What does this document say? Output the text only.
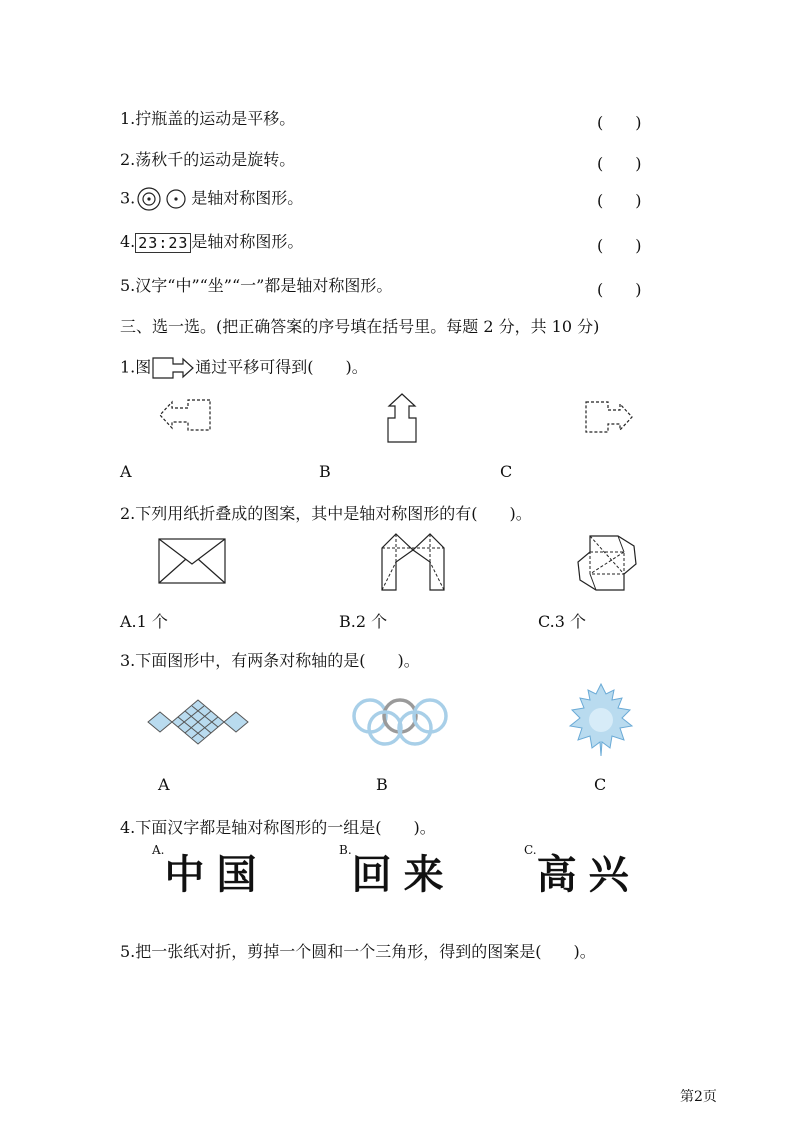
1.拧瓶盖的运动是平移。	(　　)
2.荡秋千的运动是旋转。	(　　)
3.	是轴对称图形。	(　　)
4. 23:23 是轴对称图形。	(　　)
5.汉字“中”“坐”“一”都是轴对称图形。	(　　)
三、选一选。(把正确答案的序号填在括号里。每题 2 分，共 10 分)
1.图	通过平移可得到(　　)。
A	B	C
2.下列用纸折叠成的图案，其中是轴对称图形的有(　　)。
A.1 个	B.2 个	C.3 个
3.下面图形中，有两条对称轴的是(　　)。
A	B	C
4.下面汉字都是轴对称图形的一组是(　　)。
$^{A.}$中国
$^{B.}$回来
$^{C.}$高兴
5.把一张纸对折，剪掉一个圆和一个三角形，得到的图案是(　　)。
第2页
